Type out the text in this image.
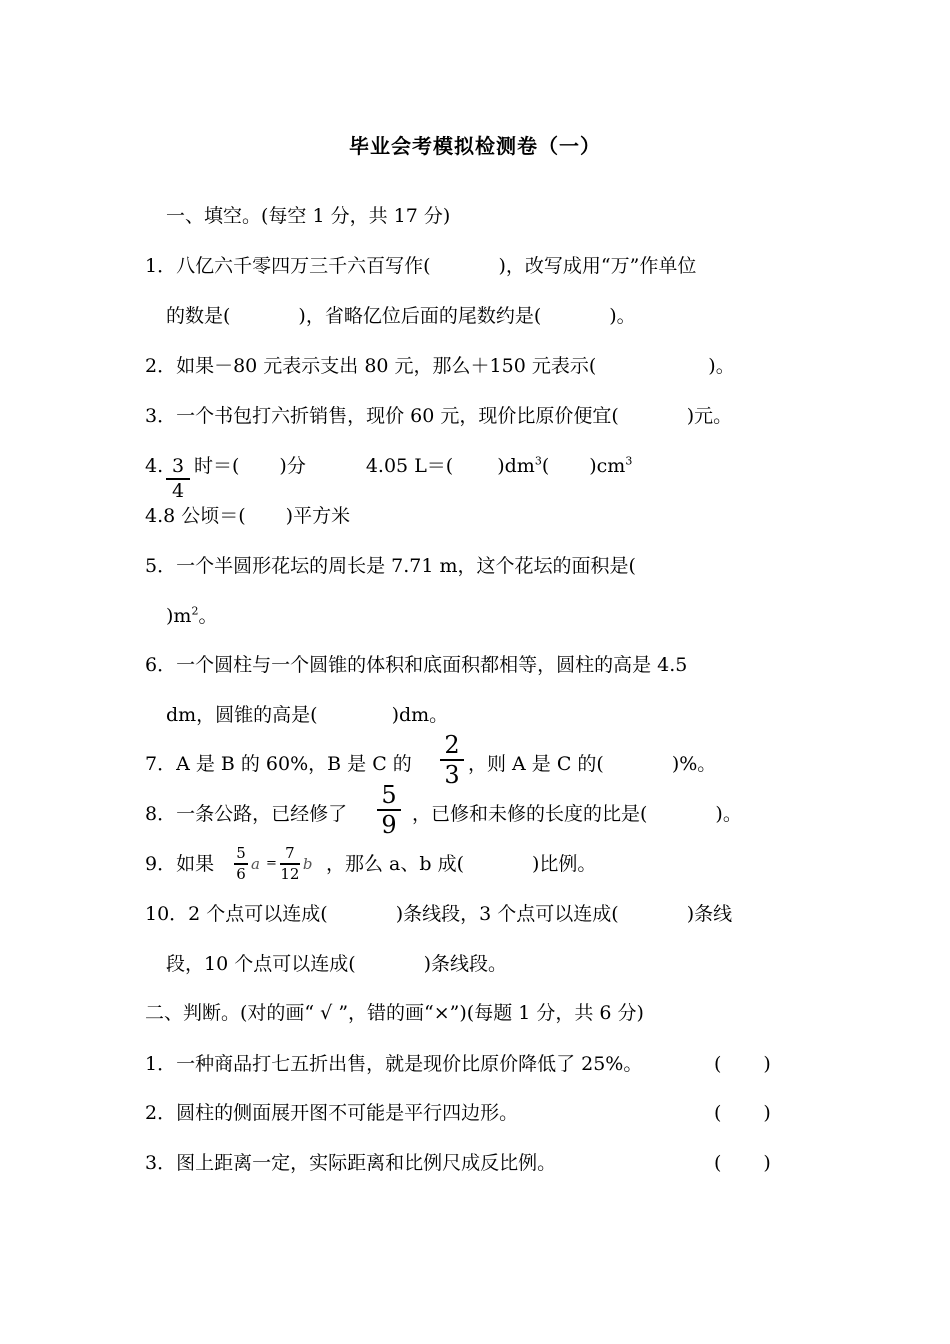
毕业会考模拟检测卷（一）
一、填空。(每空 1 分，共 17 分)
1．八亿六千零四万三千六百写作(	)，改写成用“万”作单位
的数是(	)，省略亿位后面的尾数约是(	)。
2．如果－80 元表示支出 80 元，那么＋150 元表示(	)。
3．一个书包打六折销售，现价 60 元，现价比原价便宜(	)元。
4. 3
4
时＝( )分	4.05 L＝( )$dm^3$( )$cm^3$
4.8 公顷＝( )平方米
5．一个半圆形花坛的周长是 7.71 m，这个花坛的面积是(
)$m^2$。
6．一个圆柱与一个圆锥的体积和底面积都相等，圆柱的高是 4.5
dm，圆锥的高是(	)dm。
7．A 是 B 的 60%，B 是 C 的
2
3 ，则 A 是 C 的(	)%。
8．一条公路，已经修了
5
9 ，已修和未修的长度的比是(	)。
9．如果 $\frac{5}{6}$ $a = \frac{7}{12}$ b ，那么 a、b 成(	)比例。
10．2 个点可以连成(	)条线段，3 个点可以连成(	)条线
段，10 个点可以连成(	)条线段。
二、判断。(对的画“ √ ”，错的画“×”)(每题 1 分，共 6 分)
1．一种商品打七五折出售，就是现价比原价降低了 25%。	( )
2．圆柱的侧面展开图不可能是平行四边形。	( )
3．图上距离一定，实际距离和比例尺成反比例。	( )
